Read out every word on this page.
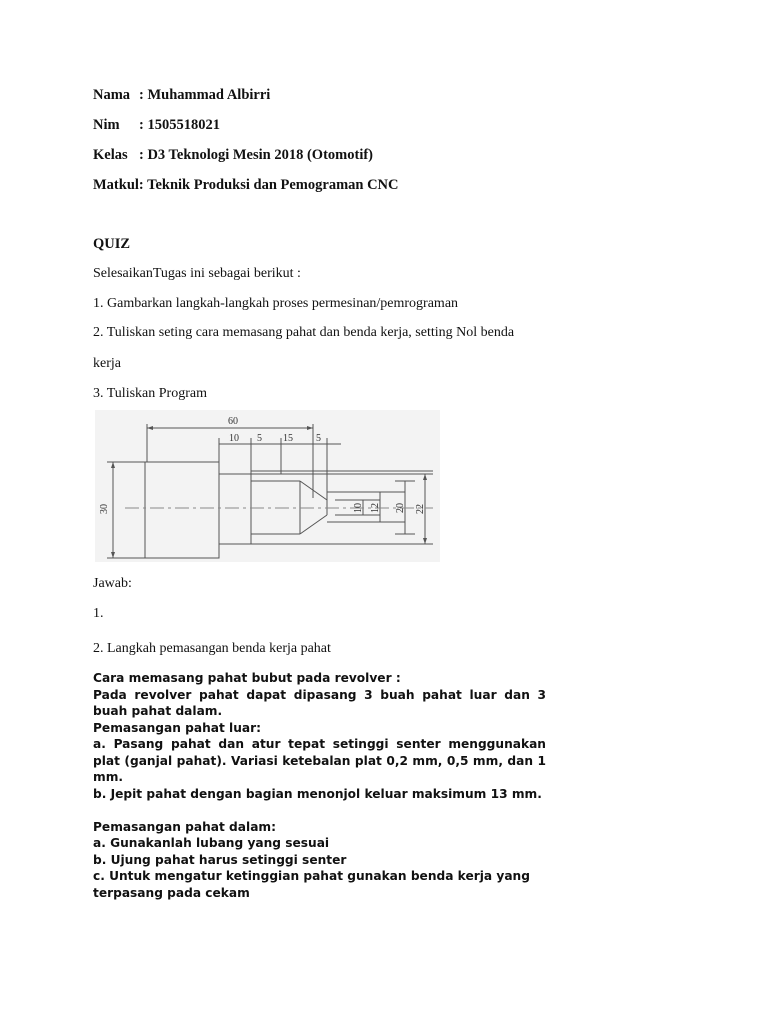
Nama : Muhammad Albirri
Nim : 1505518021
Kelas : D3 Teknologi Mesin 2018 (Otomotif)
Matkul: Teknik Produksi dan Pemograman CNC
QUIZ
SelesaikanTugas ini sebagai berikut :
1. Gambarkan langkah-langkah proses permesinan/pemrograman
2. Tuliskan seting cara memasang pahat dan benda kerja, setting Nol benda
kerja
3. Tuliskan Program
60
10 5 15 5
30	10 12 20 22
Jawab:
1.
2. Langkah pemasangan benda kerja pahat

Cara memasang pahat bubut pada revolver :

Pada revolver pahat dapat dipasang 3 buah pahat luar dan 3 buah pahat dalam.

Pemasangan pahat luar:

a. Pasang pahat dan atur tepat setinggi senter menggunakan plat (ganjal pahat). Variasi ketebalan plat 0,2 mm, 0,5 mm, dan 1 mm.

b. Jepit pahat dengan bagian menonjol keluar maksimum 13 mm.

Pemasangan pahat dalam:

a. Gunakanlah lubang yang sesuai

b. Ujung pahat harus setinggi senter

c. Untuk mengatur ketinggian pahat gunakan benda kerja yang

terpasang pada cekam
